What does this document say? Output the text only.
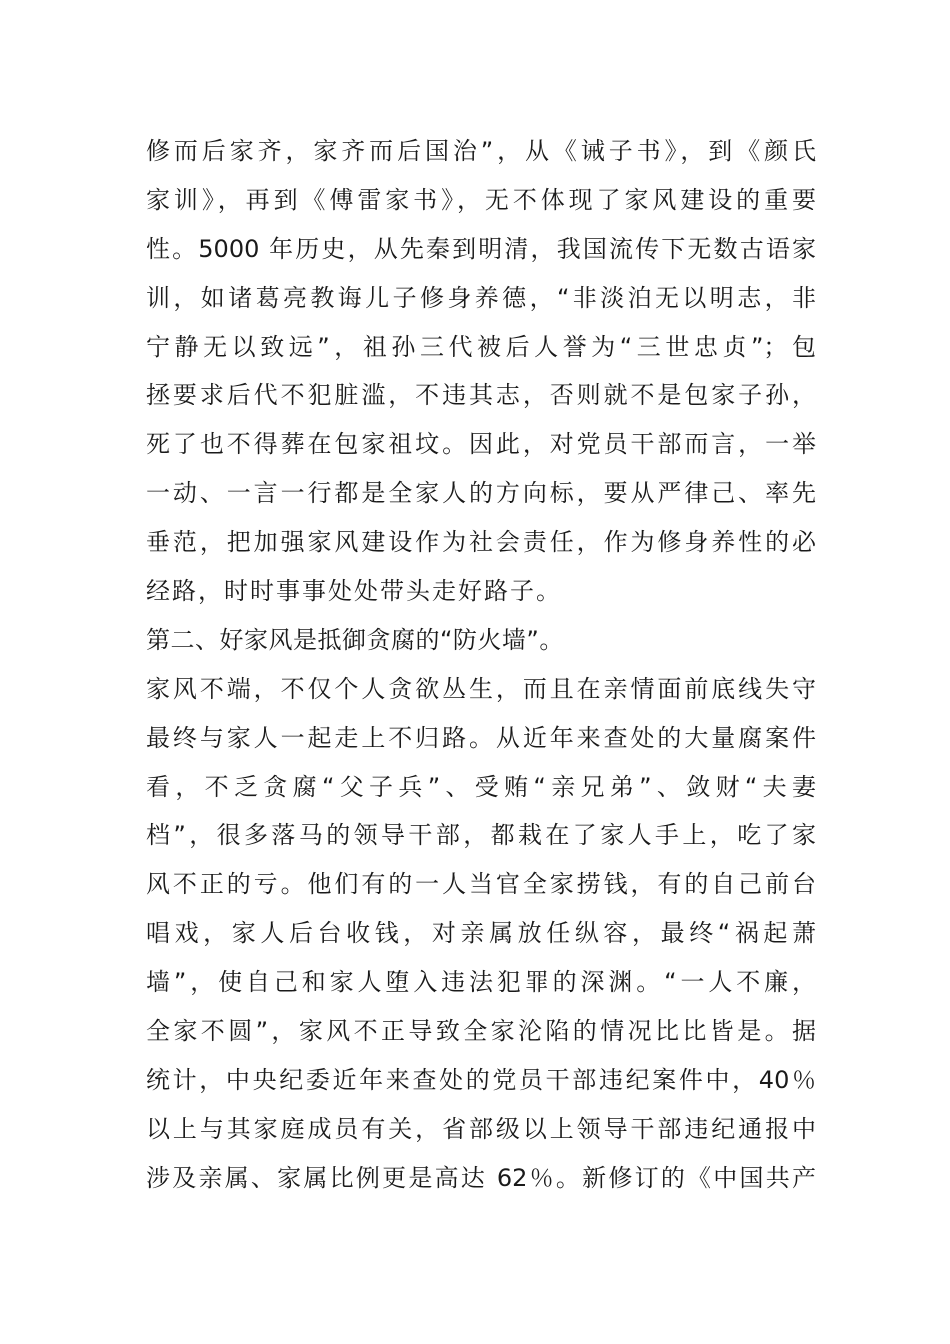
修而后家齐，家齐而后国治”，从《诫子书》，到《颜氏
家训》，再到《傅雷家书》，无不体现了家风建设的重要
性。5000 年历史，从先秦到明清，我国流传下无数古语家
训，如诸葛亮教诲儿子修身养德，“非淡泊无以明志，非
宁静无以致远”，祖孙三代被后人誉为“三世忠贞”；包
拯要求后代不犯脏滥，不违其志，否则就不是包家子孙，
死了也不得葬在包家祖坟。因此，对党员干部而言，一举
一动、一言一行都是全家人的方向标，要从严律己、率先
垂范，把加强家风建设作为社会责任，作为修身养性的必
经路，时时事事处处带头走好路子。
第二、好家风是抵御贪腐的“防火墙”。
家风不端，不仅个人贪欲丛生，而且在亲情面前底线失守
最终与家人一起走上不归路。从近年来查处的大量腐案件
看，不乏贪腐“父子兵”、受贿“亲兄弟”、敛财“夫妻
档”，很多落马的领导干部，都栽在了家人手上，吃了家
风不正的亏。他们有的一人当官全家捞钱，有的自己前台
唱戏，家人后台收钱，对亲属放任纵容，最终“祸起萧
墙”，使自己和家人堕入违法犯罪的深渊。“一人不廉，
全家不圆”，家风不正导致全家沦陷的情况比比皆是。据
统计，中央纪委近年来查处的党员干部违纪案件中，40％
以上与其家庭成员有关，省部级以上领导干部违纪通报中
涉及亲属、家属比例更是高达 62％。新修订的《中国共产
